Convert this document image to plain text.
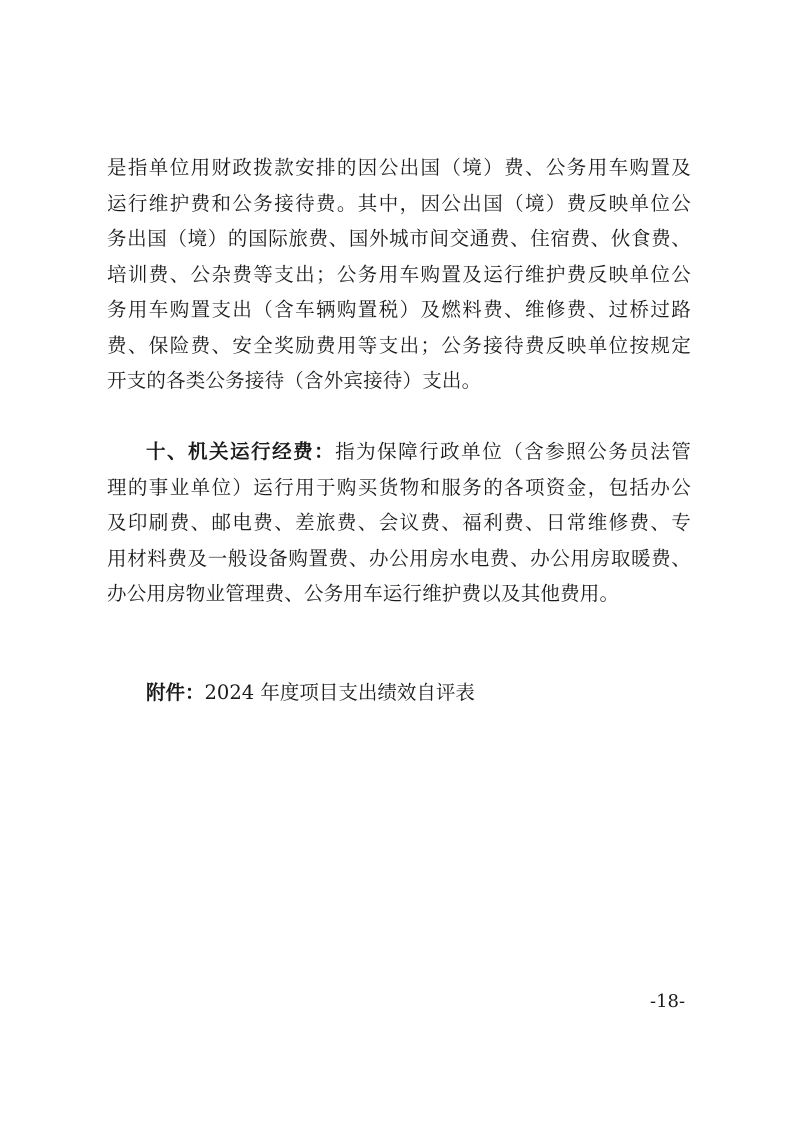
是指单位用财政拨款安排的因公出国（境）费、公务用车购置及
运行维护费和公务接待费。其中，因公出国（境）费反映单位公
务出国（境）的国际旅费、国外城市间交通费、住宿费、伙食费、
培训费、公杂费等支出；公务用车购置及运行维护费反映单位公
务用车购置支出（含车辆购置税）及燃料费、维修费、过桥过路
费、保险费、安全奖励费用等支出；公务接待费反映单位按规定
开支的各类公务接待（含外宾接待）支出。
十、机关运行经费：指为保障行政单位（含参照公务员法管
理的事业单位）运行用于购买货物和服务的各项资金，包括办公
及印刷费、邮电费、差旅费、会议费、福利费、日常维修费、专
用材料费及一般设备购置费、办公用房水电费、办公用房取暖费、
办公用房物业管理费、公务用车运行维护费以及其他费用。
附件：2024 年度项目支出绩效自评表
-18-
